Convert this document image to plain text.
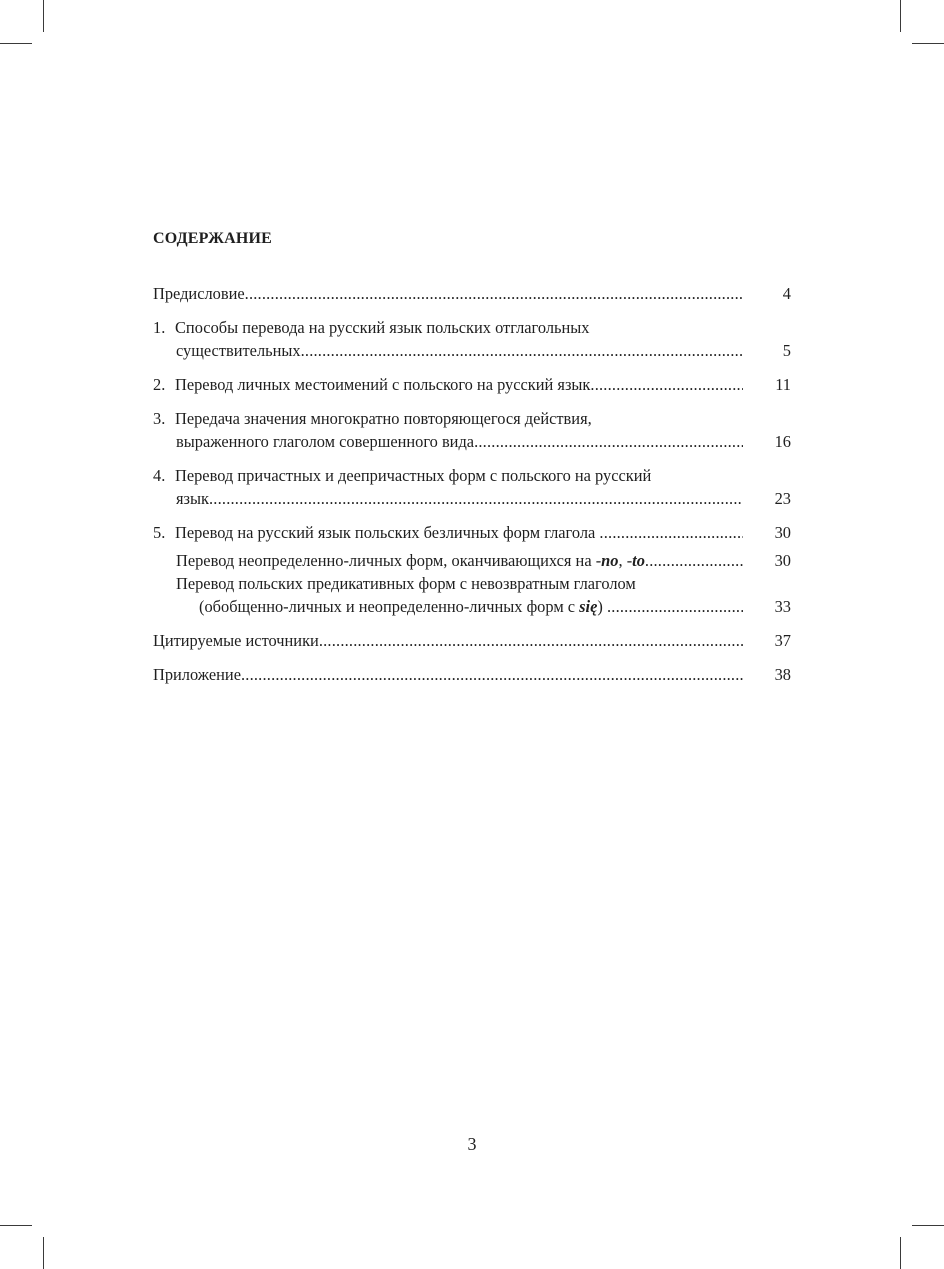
СОДЕРЖАНИЕ
Предисловие .....	4
1. Способы перевода на русский язык польских отглагольных
существительных .....	5
2. Перевод личных местоимений с польского на русский язык .....	11
3. Передача значения многократно повторяющегося действия,
выраженного глаголом совершенного вида .....	16
4. Перевод причастных и деепричастных форм с польского на русский
язык .....	23
5. Перевод на русский язык польских безличных форм глагола .....	30
Перевод неопределенно-личных форм, оканчивающихся на -no, -to .....	30
Перевод польских предикативных форм с невозвратным глаголом
(обобщенно-личных и неопределенно-личных форм с się) .....	33
Цитируемые источники .....	37
Приложение .....	38

3
